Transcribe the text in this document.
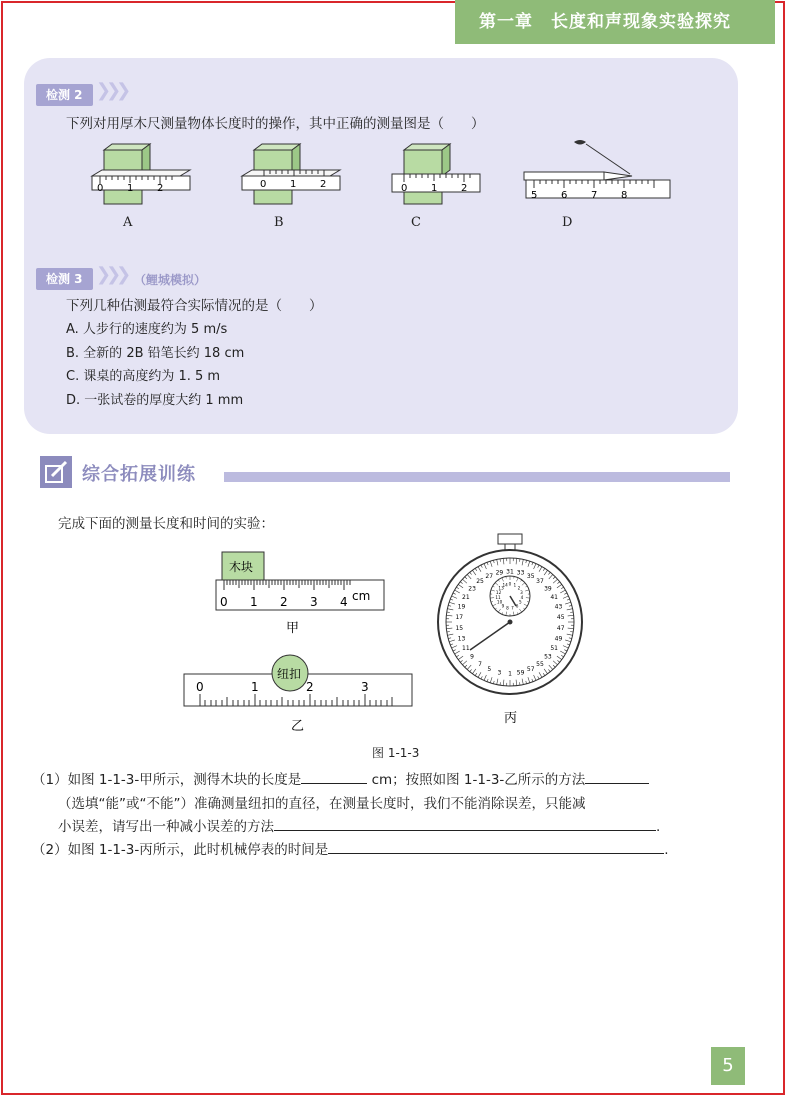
第一章　长度和声现象实验探究
检测 2 ❯❯❯
下列对用厚木尺测量物体长度时的操作，其中正确的测量图是（　　）
0 1 2	0 1 2	0 1 2
5 6 7 8
A	B	C	D
检测 3 ❯❯❯ （鲤城模拟）
下列几种估测最符合实际情况的是（　　）
A. 人步行的速度约为 5 m/s
B. 全新的 2B 铅笔长约 18 cm
C. 课桌的高度约为 1. 5 m
D. 一张试卷的厚度大约 1 mm
综合拓展训练
完成下面的测量长度和时间的实验：
木块
0 1 2 3 4 cm
甲
纽扣
0	1	2	3
乙
31 33 35
37
39
41
43
45
47
49
51
53
55
57
59
1
3
5
7
9
11
13
15
17
19
21
23
25
27 29
0 1
2
3
4
5
6
7
8
9
10
11
12
13
14
丙
图 1-1-3
（1）如图 1-1-3-甲所示，测得木块的长度是	cm；按照如图 1-1-3-乙所示的方法
（选填“能”或“不能”）准确测量纽扣的直径，在测量长度时，我们不能消除误差，只能减
小误差，请写出一种减小误差的方法	.
（2）如图 1-1-3-丙所示，此时机械停表的时间是	.
5
